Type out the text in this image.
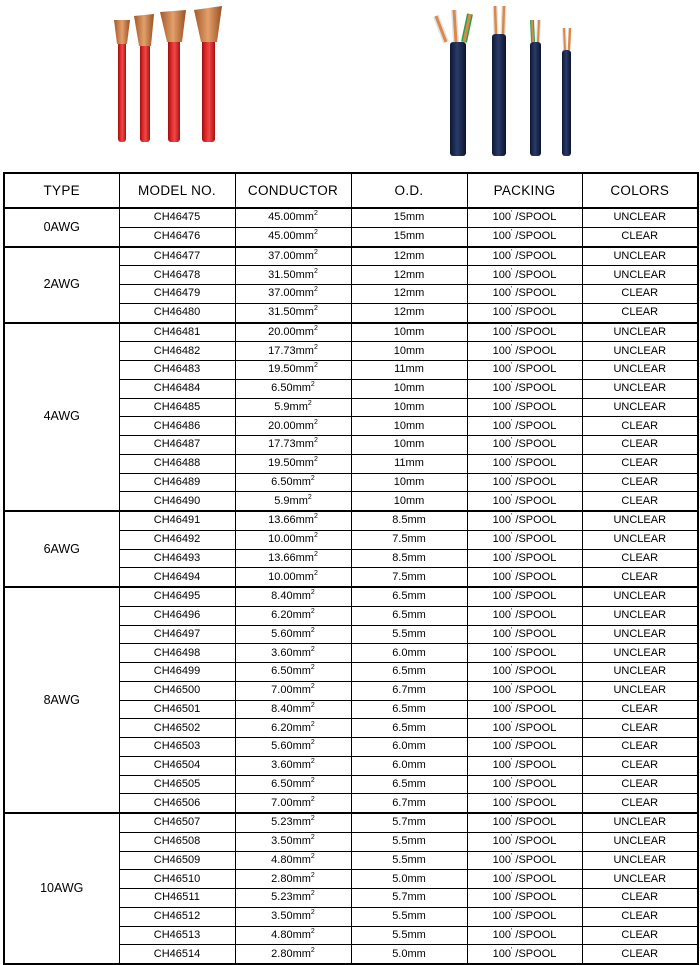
TYPE	MODEL NO.	CONDUCTOR	O.D.	PACKING	COLORS
0AWG	CH46475	$45.00mm^2$	15mm	100' /SPOOL	UNCLEAR
	CH46476	$45.00mm^2$	15mm	100' /SPOOL	CLEAR
2AWG	CH46477	$37.00mm^2$	12mm	100' /SPOOL	UNCLEAR
	CH46478	$31.50mm^2$	12mm	100' /SPOOL	UNCLEAR
	CH46479	$37.00mm^2$	12mm	100' /SPOOL	CLEAR
	CH46480	$31.50mm^2$	12mm	100' /SPOOL	CLEAR
4AWG	CH46481	$20.00mm^2$	10mm	100' /SPOOL	UNCLEAR
	CH46482	$17.73mm^2$	10mm	100' /SPOOL	UNCLEAR
	CH46483	$19.50mm^2$	11mm	100' /SPOOL	UNCLEAR
	CH46484	$6.50mm^2$	10mm	100' /SPOOL	UNCLEAR
	CH46485	$5.9mm^2$	10mm	100' /SPOOL	UNCLEAR
	CH46486	$20.00mm^2$	10mm	100' /SPOOL	CLEAR
	CH46487	$17.73mm^2$	10mm	100' /SPOOL	CLEAR
	CH46488	$19.50mm^2$	11mm	100' /SPOOL	CLEAR
	CH46489	$6.50mm^2$	10mm	100' /SPOOL	CLEAR
	CH46490	$5.9mm^2$	10mm	100' /SPOOL	CLEAR
6AWG	CH46491	$13.66mm^2$	8.5mm	100' /SPOOL	UNCLEAR
	CH46492	$10.00mm^2$	7.5mm	100' /SPOOL	UNCLEAR
	CH46493	$13.66mm^2$	8.5mm	100' /SPOOL	CLEAR
	CH46494	$10.00mm^2$	7.5mm	100' /SPOOL	CLEAR
8AWG	CH46495	$8.40mm^2$	6.5mm	100' /SPOOL	UNCLEAR
	CH46496	$6.20mm^2$	6.5mm	100' /SPOOL	UNCLEAR
	CH46497	$5.60mm^2$	5.5mm	100' /SPOOL	UNCLEAR
	CH46498	$3.60mm^2$	6.0mm	100' /SPOOL	UNCLEAR
	CH46499	$6.50mm^2$	6.5mm	100' /SPOOL	UNCLEAR
	CH46500	$7.00mm^2$	6.7mm	100' /SPOOL	UNCLEAR
	CH46501	$8.40mm^2$	6.5mm	100' /SPOOL	CLEAR
	CH46502	$6.20mm^2$	6.5mm	100' /SPOOL	CLEAR
	CH46503	$5.60mm^2$	6.0mm	100' /SPOOL	CLEAR
	CH46504	$3.60mm^2$	6.0mm	100' /SPOOL	CLEAR
	CH46505	$6.50mm^2$	6.5mm	100' /SPOOL	CLEAR
	CH46506	$7.00mm^2$	6.7mm	100' /SPOOL	CLEAR
10AWG	CH46507	$5.23mm^2$	5.7mm	100' /SPOOL	UNCLEAR
	CH46508	$3.50mm^2$	5.5mm	100' /SPOOL	UNCLEAR
	CH46509	$4.80mm^2$	5.5mm	100' /SPOOL	UNCLEAR
	CH46510	$2.80mm^2$	5.0mm	100' /SPOOL	UNCLEAR
	CH46511	$5.23mm^2$	5.7mm	100' /SPOOL	CLEAR
	CH46512	$3.50mm^2$	5.5mm	100' /SPOOL	CLEAR
	CH46513	$4.80mm^2$	5.5mm	100' /SPOOL	CLEAR
	CH46514	$2.80mm^2$	5.0mm	100' /SPOOL	CLEAR
